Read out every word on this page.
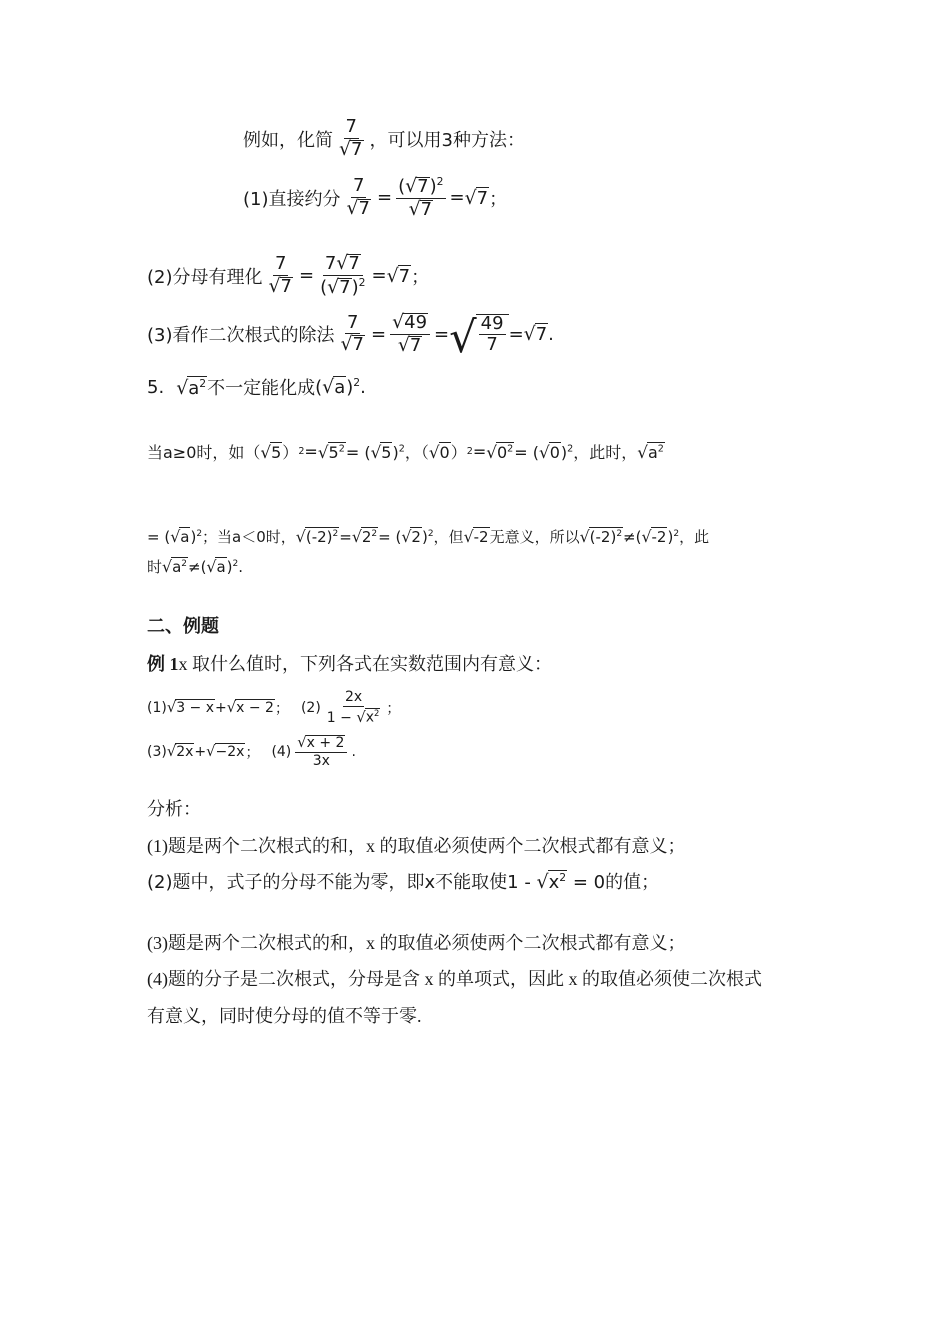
例如，化简 $\frac{7}{√ 7}$ ，可以用3种方法：
(1)直接约分 $\frac{7}{√ 7} = \frac{( √ 7 )^2}{√ 7}$ = √ 7 ；
(2)分母有理化 $\frac{7}{√ 7} = \frac{7 √ 7}{( √ 7 )^2}$ = √ 7 ；
(3)看作二次根式的除法 $\frac{7}{√ 7} = \frac{√ 49}{√ 7}$ = √ $\frac{49}{7}$ = √ 7 .
5. √ $a^2$ 不一定能化成 ( √ a )$^2$ .
当a≥0时，如（ √ 5 ） 2 = √ $5^2$ = ( √ 5 )$^2$ ，（ √ 0 ） 2 = √ $0^2$ = ( √ 0 )$^2$ ，此时， √ $a^2$
= ( √ a )$^2$ ；当a＜0时， √ $(-2)^2$ = √ $2^2$ = ( √ 2 )$^2$ ，但 √ -2 无意义，所以 √ $(-2)^2$ ≠( √ -2 )$^2$ ，此
时 √ $a^2$ ≠( √ a )$^2$ .
二、例题
例 1 x 取什么值时，下列各式在实数范围内有意义：
(1) √ 3 − x + √ x − 2 ； $(2) \frac{2x}{1 - √ x^2}$ ；
(3) √ 2x + √ −2x ； $(4) \frac{√ x + 2}{3x}$ .
分析：
(1)题是两个二次根式的和，x 的取值必须使两个二次根式都有意义；
(2)题中，式子的分母不能为零，即x不能取使 1 - √ $x^2 = 0$ 的值；
(3)题是两个二次根式的和，x 的取值必须使两个二次根式都有意义；
(4)题的分子是二次根式，分母是含 x 的单项式，因此 x 的取值必须使二次根式
有意义，同时使分母的值不等于零.
